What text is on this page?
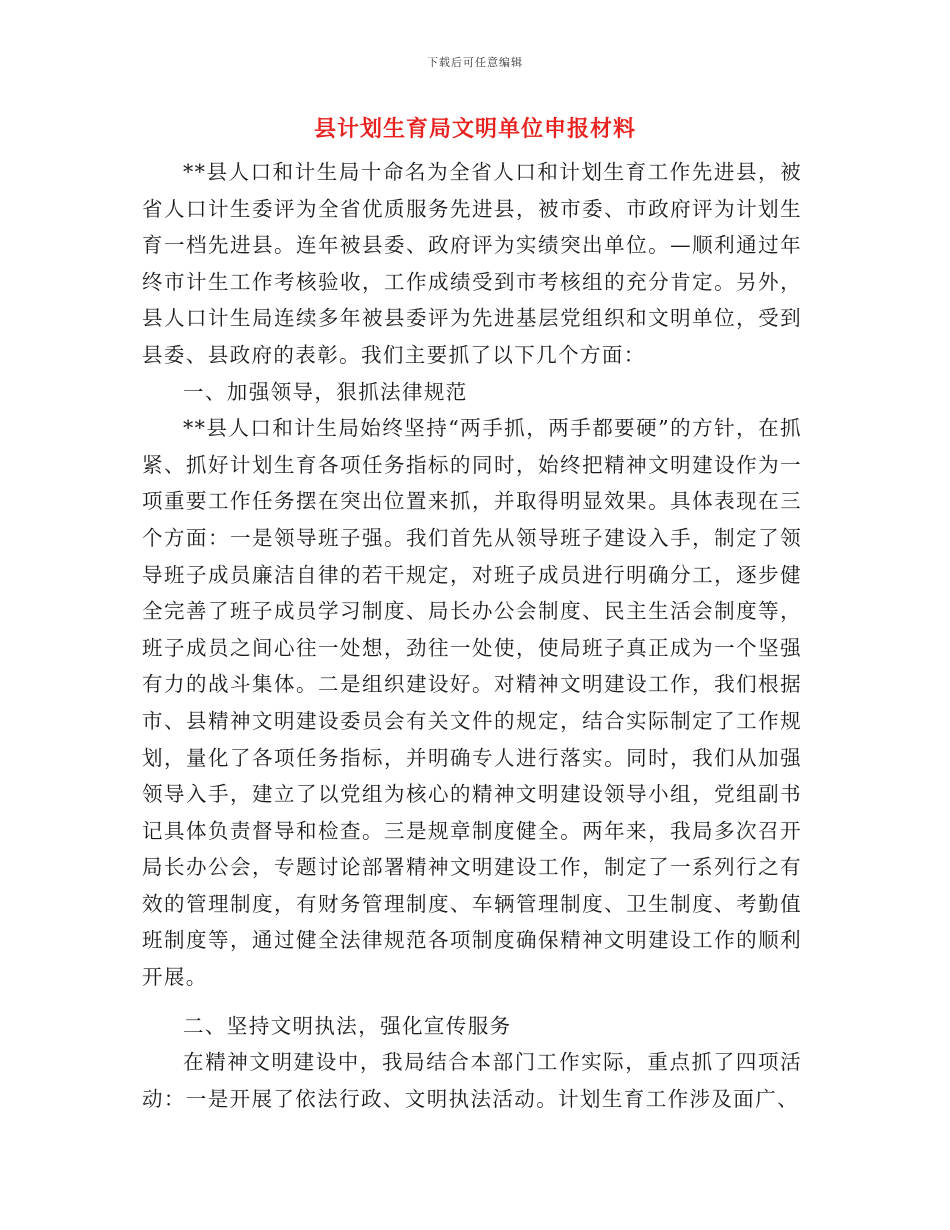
下载后可任意编辑
县计划生育局文明单位申报材料

**县人口和计生局十命名为全省人口和计划生育工作先进县，被省人口计生委评为全省优质服务先进县，被市委、市政府评为计划生育一档先进县。连年被县委、政府评为实绩突出单位。—顺利通过年终市计生工作考核验收，工作成绩受到市考核组的充分肯定。另外，县人口计生局连续多年被县委评为先进基层党组织和文明单位，受到县委、县政府的表彰。我们主要抓了以下几个方面：

一、加强领导，狠抓法律规范

**县人口和计生局始终坚持“两手抓，两手都要硬”的方针，在抓紧、抓好计划生育各项任务指标的同时，始终把精神文明建设作为一项重要工作任务摆在突出位置来抓，并取得明显效果。具体表现在三个方面：一是领导班子强。我们首先从领导班子建设入手，制定了领导班子成员廉洁自律的若干规定，对班子成员进行明确分工，逐步健全完善了班子成员学习制度、局长办公会制度、民主生活会制度等，班子成员之间心往一处想，劲往一处使，使局班子真正成为一个坚强有力的战斗集体。二是组织建设好。对精神文明建设工作，我们根据市、县精神文明建设委员会有关文件的规定，结合实际制定了工作规划，量化了各项任务指标，并明确专人进行落实。同时，我们从加强领导入手，建立了以党组为核心的精神文明建设领导小组，党组副书记具体负责督导和检查。三是规章制度健全。两年来，我局多次召开局长办公会，专题讨论部署精神文明建设工作，制定了一系列行之有效的管理制度，有财务管理制度、车辆管理制度、卫生制度、考勤值班制度等，通过健全法律规范各项制度确保精神文明建设工作的顺利开展。

二、坚持文明执法，强化宣传服务

在精神文明建设中，我局结合本部门工作实际，重点抓了四项活动：一是开展了依法行政、文明执法活动。计划生育工作涉及面广、
